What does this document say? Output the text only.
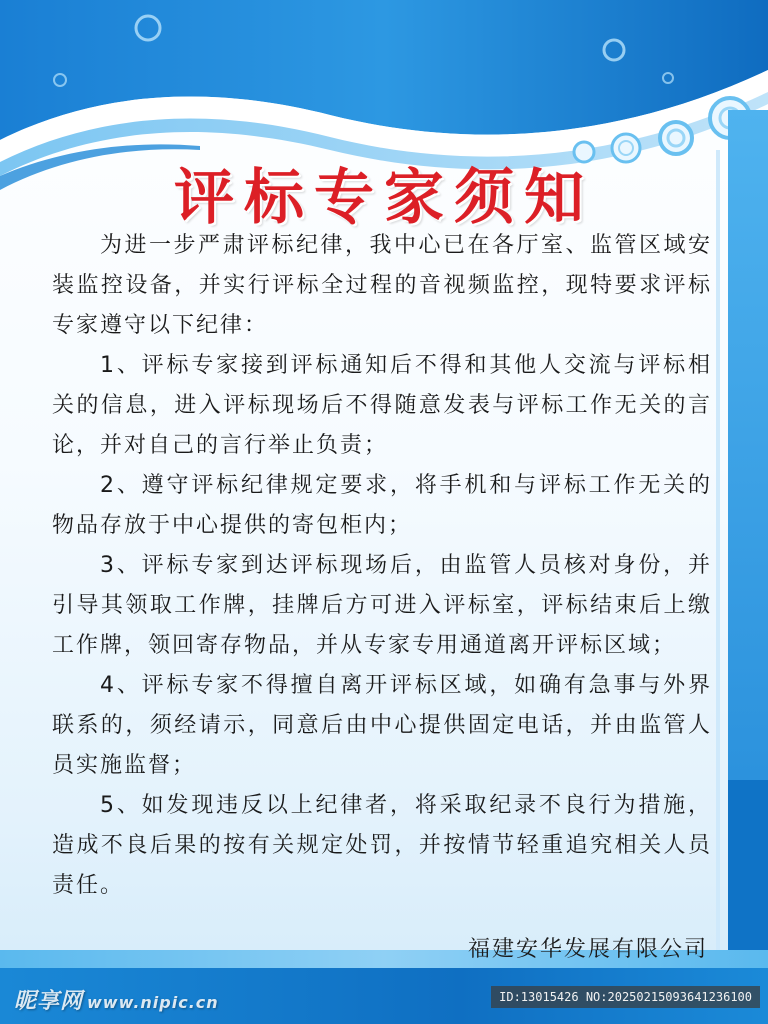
评标专家须知

为进一步严肃评标纪律，我中心已在各厅室、监管区域安装监控设备，并实行评标全过程的音视频监控，现特要求评标专家遵守以下纪律：

1、评标专家接到评标通知后不得和其他人交流与评标相关的信息，进入评标现场后不得随意发表与评标工作无关的言论，并对自己的言行举止负责；

2、遵守评标纪律规定要求，将手机和与评标工作无关的物品存放于中心提供的寄包柜内；

3、评标专家到达评标现场后，由监管人员核对身份，并引导其领取工作牌，挂牌后方可进入评标室，评标结束后上缴工作牌，领回寄存物品，并从专家专用通道离开评标区域；

4、评标专家不得擅自离开评标区域，如确有急事与外界联系的，须经请示，同意后由中心提供固定电话，并由监管人员实施监督；

5、如发现违反以上纪律者，将采取纪录不良行为措施，造成不良后果的按有关规定处罚，并按情节轻重追究相关人员责任。

福建安华发展有限公司
昵享网 www.nipic.cn	ID:13015426 NO:20250215093641236100
